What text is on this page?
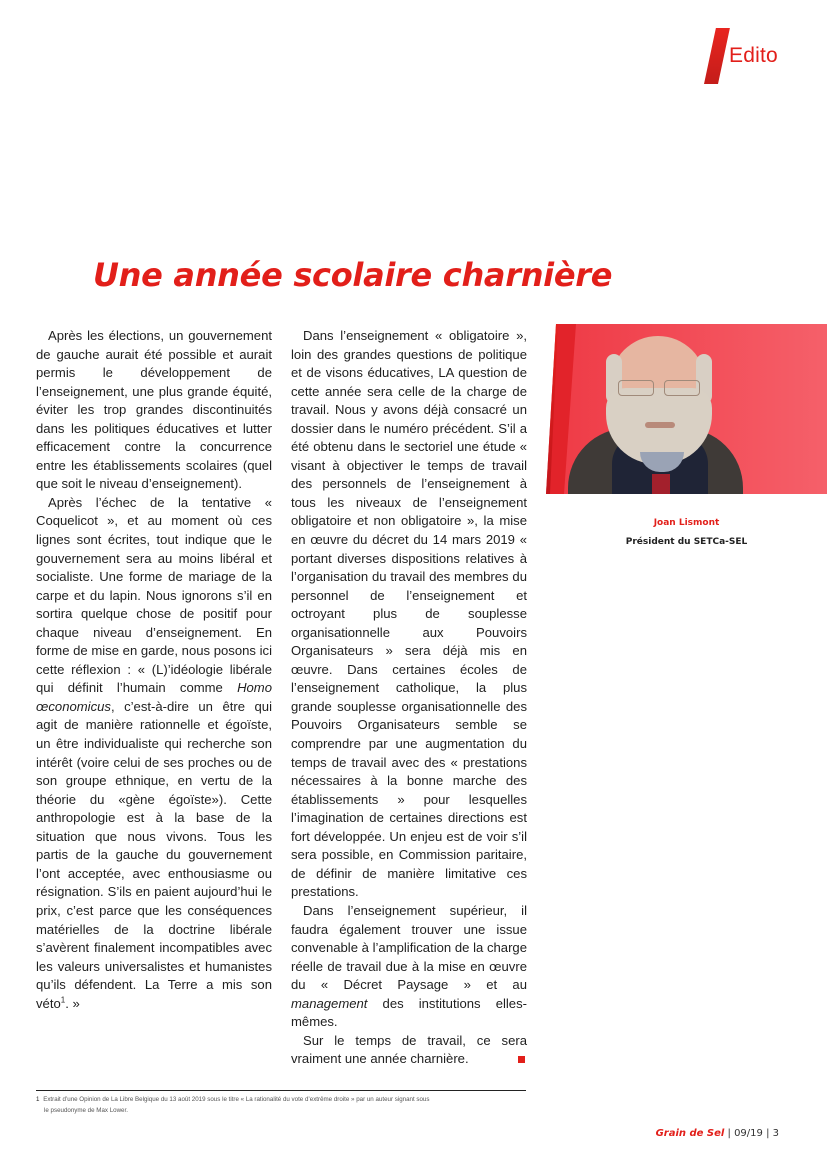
Edito
Une année scolaire charnière

Après les élections, un gouvernement de gauche aurait été possible et aurait permis le développement de l’enseignement, une plus grande équité, éviter les trop grandes discontinuités dans les politiques éducatives et lutter efficacement contre la concurrence entre les établissements scolaires (quel que soit le niveau d’enseignement).

Après l’échec de la tentative « Coquelicot », et au moment où ces lignes sont écrites, tout indique que le gouvernement sera au moins libéral et socialiste. Une forme de mariage de la carpe et du lapin. Nous ignorons s’il en sortira quelque chose de positif pour chaque niveau d’enseignement. En forme de mise en garde, nous posons ici cette réflexion : « (L)’idéologie libérale qui définit l’humain comme Homo œconomicus, c’est-à-dire un être qui agit de manière rationnelle et égoïste, un être individualiste qui recherche son intérêt (voire celui de ses proches ou de son groupe ethnique, en vertu de la théorie du «gène égoïste»). Cette anthropologie est à la base de la situation que nous vivons. Tous les partis de la gauche du gouvernement l’ont acceptée, avec enthousiasme ou résignation. S’ils en paient aujourd’hui le prix, c’est parce que les conséquences matérielles de la doctrine libérale s’avèrent finalement incompatibles avec les valeurs universalistes et humanistes qu’ils défendent. La Terre a mis son véto$^1$. »

Dans l’enseignement « obligatoire », loin des grandes questions de politique et de visons éducatives, LA question de cette année sera celle de la charge de travail. Nous y avons déjà consacré un dossier dans le numéro précédent. S’il a été obtenu dans le sectoriel une étude « visant à objectiver le temps de travail des personnels de l’enseignement à tous les niveaux de l’enseignement obligatoire et non obligatoire », la mise en œuvre du décret du 14 mars 2019 « portant diverses dispositions relatives à l’organisation du travail des membres du personnel de l’enseignement et octroyant plus de souplesse organisationnelle aux Pouvoirs Organisateurs » sera déjà mis en œuvre. Dans certaines écoles de l’enseignement catholique, la plus grande souplesse organisationnelle des Pouvoirs Organisateurs semble se comprendre par une augmentation du temps de travail avec des « prestations nécessaires à la bonne marche des établissements » pour lesquelles l’imagination de certaines directions est fort développée. Un enjeu est de voir s’il sera possible, en Commission paritaire, de définir de manière limitative ces prestations.

Dans l’enseignement supérieur, il faudra également trouver une issue convenable à l’amplification de la charge réelle de travail due à la mise en œuvre du « Décret Paysage » et au management des institutions elles-mêmes.

Sur le temps de travail, ce sera vraiment une année charnière.

Joan Lismont
Président du SETCa-SEL
1 Extrait d’une Opinion de La Libre Belgique du 13 août 2019 sous le titre « La rationalité du vote d’extrême droite » par un auteur signant sous
le pseudonyme de Max Lower.
Grain de Sel | 09/19 | 3
